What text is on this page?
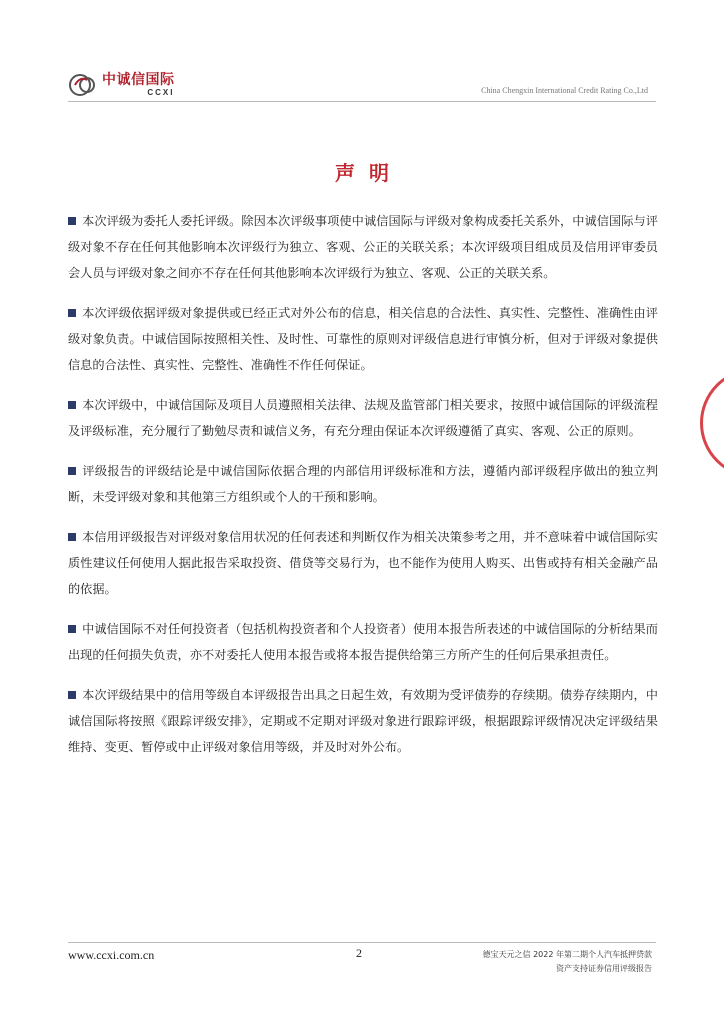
中诚信国际
CCXI	China Chengxin International Credit Rating Co.,Ltd
声明

本次评级为委托人委托评级。除因本次评级事项使中诚信国际与评级对象构成委托关系外，中诚信国际与评级对象不存在任何其他影响本次评级行为独立、客观、公正的关联关系；本次评级项目组成员及信用评审委员会人员与评级对象之间亦不存在任何其他影响本次评级行为独立、客观、公正的关联关系。

本次评级依据评级对象提供或已经正式对外公布的信息，相关信息的合法性、真实性、完整性、准确性由评级对象负责。中诚信国际按照相关性、及时性、可靠性的原则对评级信息进行审慎分析，但对于评级对象提供信息的合法性、真实性、完整性、准确性不作任何保证。

本次评级中，中诚信国际及项目人员遵照相关法律、法规及监管部门相关要求，按照中诚信国际的评级流程及评级标准，充分履行了勤勉尽责和诚信义务，有充分理由保证本次评级遵循了真实、客观、公正的原则。

评级报告的评级结论是中诚信国际依据合理的内部信用评级标准和方法，遵循内部评级程序做出的独立判断，未受评级对象和其他第三方组织或个人的干预和影响。

本信用评级报告对评级对象信用状况的任何表述和判断仅作为相关决策参考之用，并不意味着中诚信国际实质性建议任何使用人据此报告采取投资、借贷等交易行为，也不能作为使用人购买、出售或持有相关金融产品的依据。

中诚信国际不对任何投资者（包括机构投资者和个人投资者）使用本报告所表述的中诚信国际的分析结果而出现的任何损失负责，亦不对委托人使用本报告或将本报告提供给第三方所产生的任何后果承担责任。

本次评级结果中的信用等级自本评级报告出具之日起生效，有效期为受评债券的存续期。债券存续期内，中诚信国际将按照《跟踪评级安排》，定期或不定期对评级对象进行跟踪评级，根据跟踪评级情况决定评级结果维持、变更、暂停或中止评级对象信用等级，并及时对外公布。

www.ccxi.com.cn	2	德宝天元之信 2022 年第二期个人汽车抵押贷款
资产支持证券信用评级报告
